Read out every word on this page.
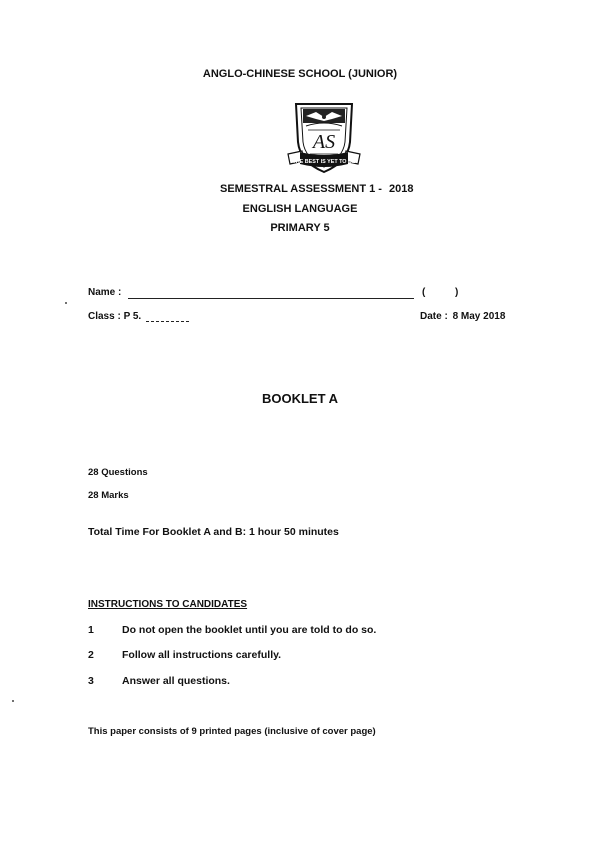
ANGLO-CHINESE SCHOOL (JUNIOR)
AS
THE BEST IS YET TO BE
SEMESTRAL ASSESSMENT 1 - 2018
ENGLISH LANGUAGE
PRIMARY 5
Name :	(	)
Class : P 5.	Date : 8 May 2018
BOOKLET A
28 Questions
28 Marks
Total Time For Booklet A and B: 1 hour 50 minutes
INSTRUCTIONS TO CANDIDATES
1	Do not open the booklet until you are told to do so.
2	Follow all instructions carefully.
3	Answer all questions.
This paper consists of 9 printed pages (inclusive of cover page)
